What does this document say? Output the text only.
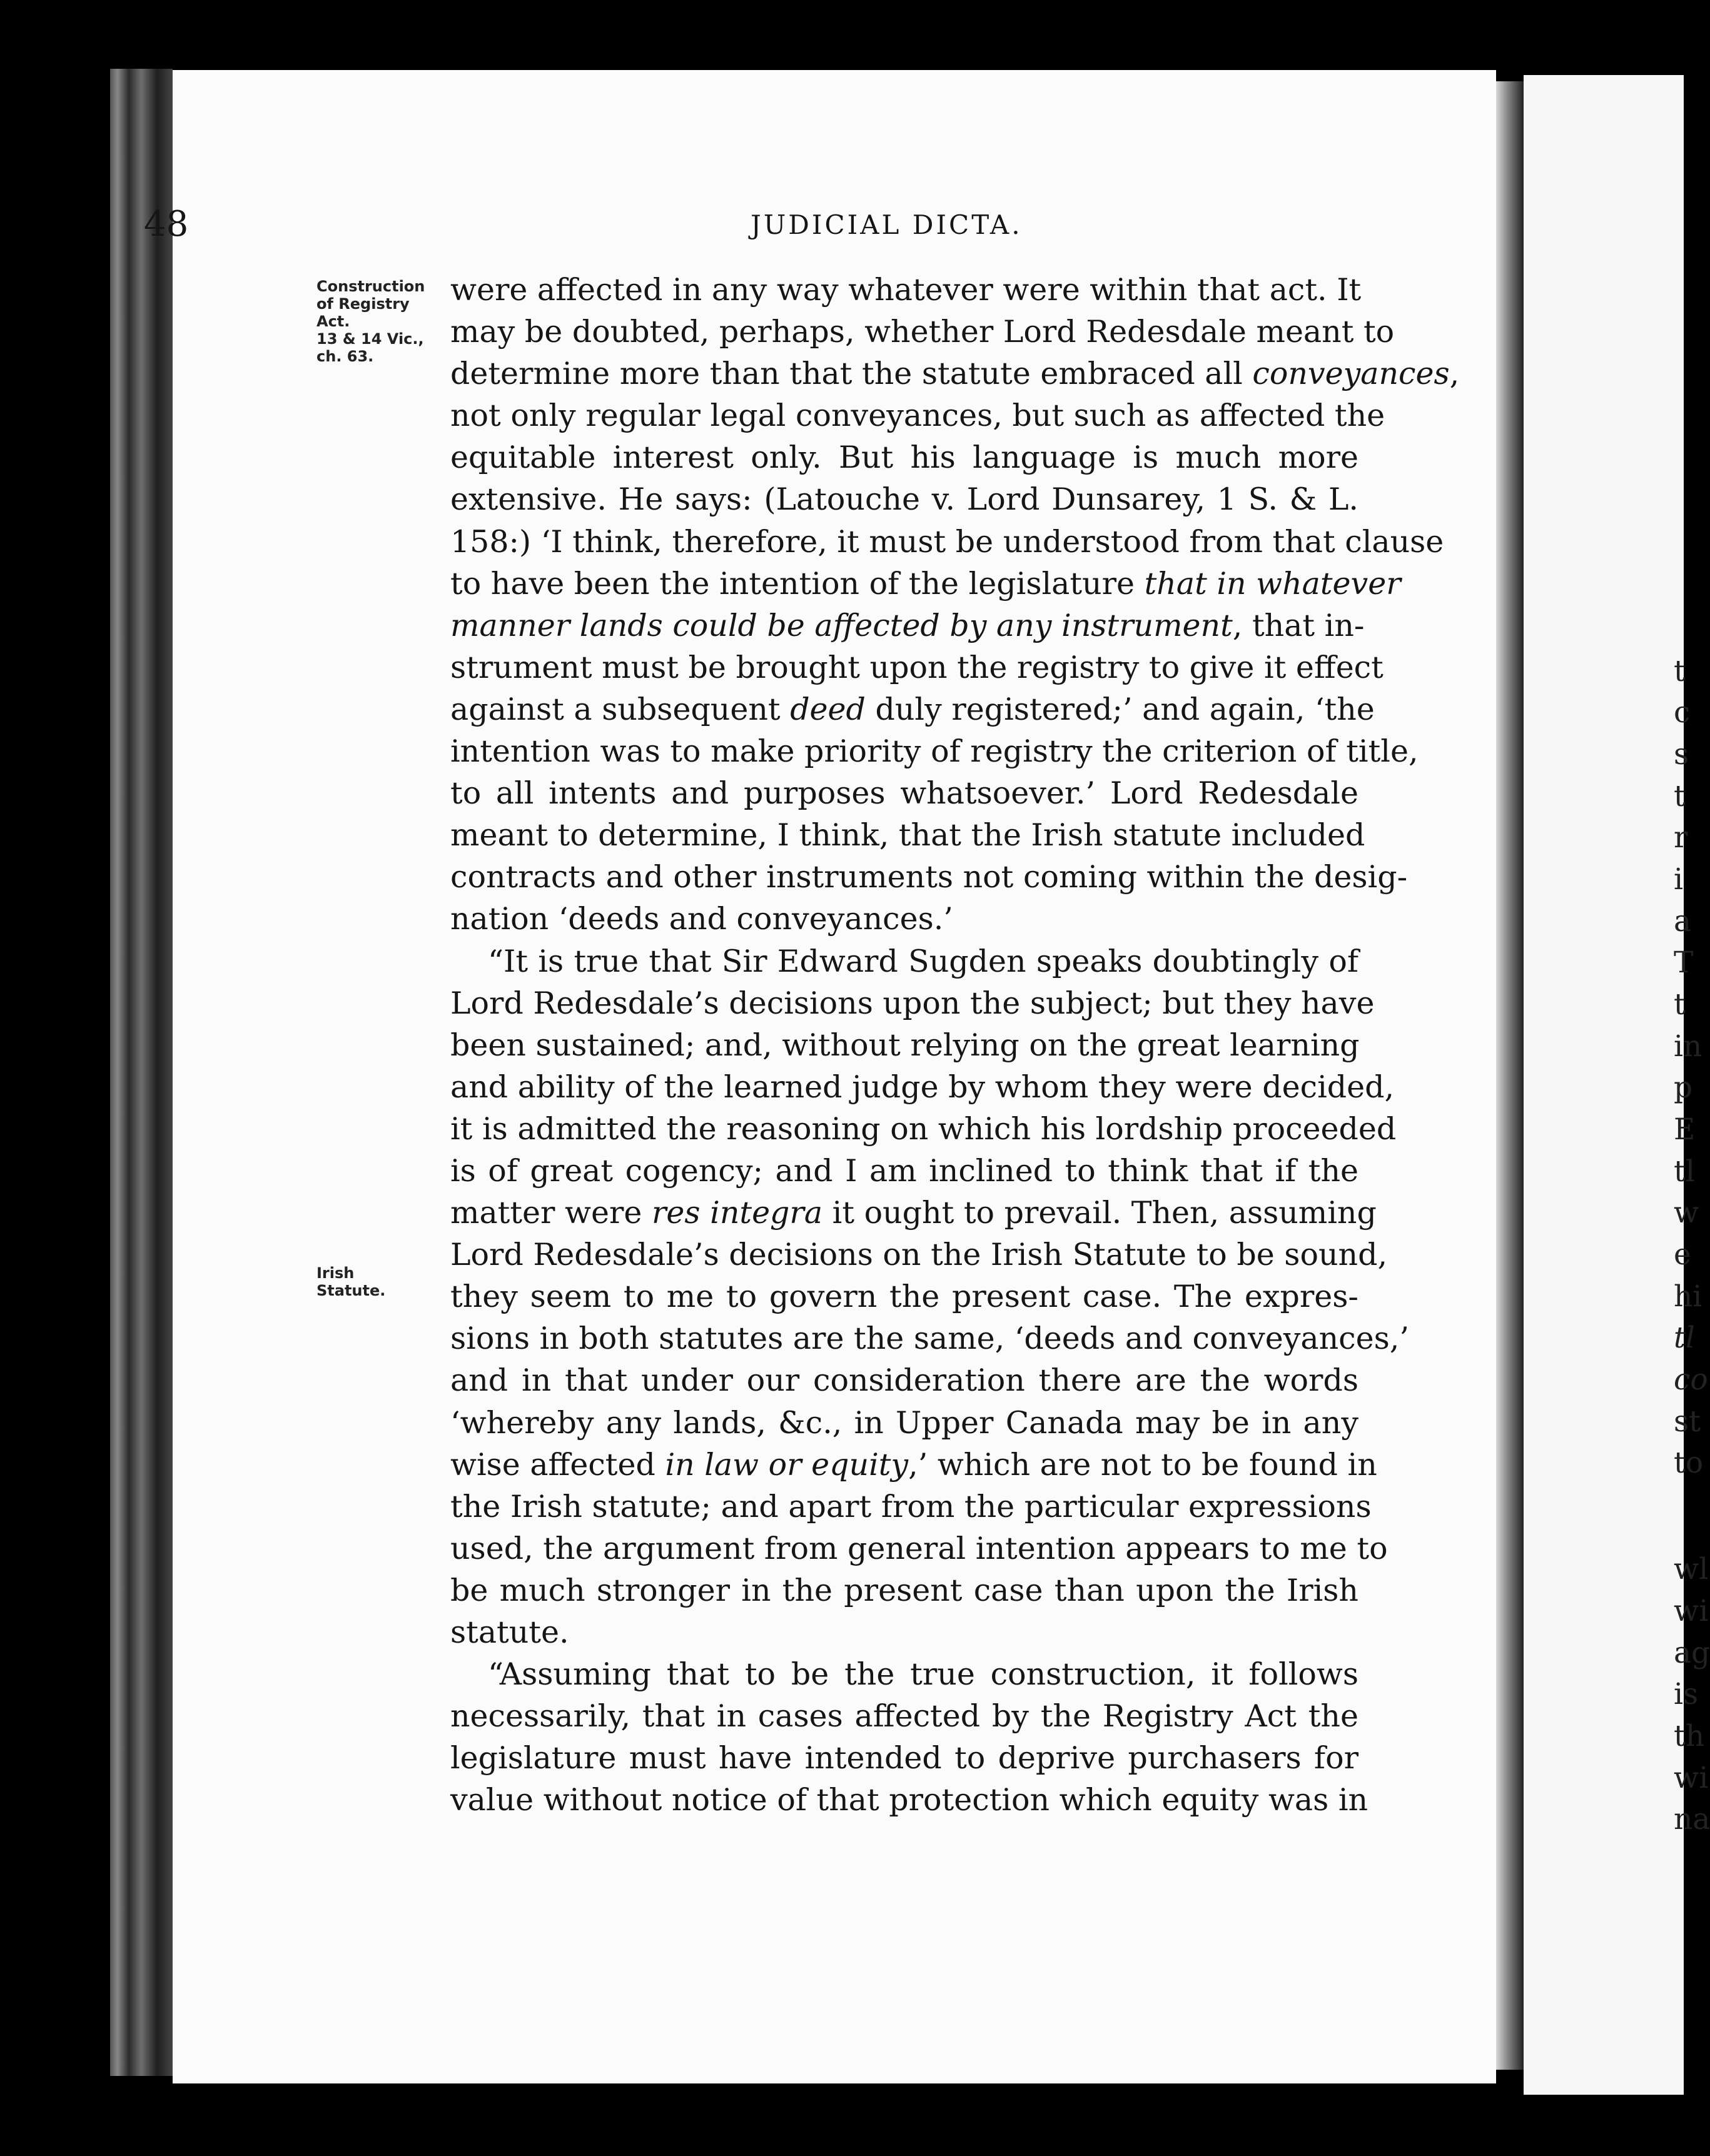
48	JUDICIAL DICTA.
Construction
of Registry
Act.
13 & 14 Vic.,
ch. 63.
Irish
Statute.
were affected in any way whatever were within that act. It
may be doubted, perhaps, whether Lord Redesdale meant to
determine more than that the statute embraced all conveyances,
not only regular legal conveyances, but such as affected the
equitable interest only. But his language is much more
extensive. He says: (Latouche v. Lord Dunsarey, 1 S. & L.
158:) ‘I think, therefore, it must be understood from that clause
to have been the intention of the legislature that in whatever
manner lands could be affected by any instrument, that in-
strument must be brought upon the registry to give it effect
against a subsequent deed duly registered;’ and again, ‘the
intention was to make priority of registry the criterion of title,
to all intents and purposes whatsoever.’ Lord Redesdale
meant to determine, I think, that the Irish statute included
contracts and other instruments not coming within the desig-
nation ‘deeds and conveyances.’
“It is true that Sir Edward Sugden speaks doubtingly of
Lord Redesdale’s decisions upon the subject; but they have
been sustained; and, without relying on the great learning
and ability of the learned judge by whom they were decided,
it is admitted the reasoning on which his lordship proceeded
is of great cogency; and I am inclined to think that if the
matter were res integra it ought to prevail. Then, assuming
Lord Redesdale’s decisions on the Irish Statute to be sound,
they seem to me to govern the present case. The expres-
sions in both statutes are the same, ‘deeds and conveyances,’
and in that under our consideration there are the words
‘whereby any lands, &c., in Upper Canada may be in any
wise affected in law or equity,’ which are not to be found in
the Irish statute; and apart from the particular expressions
used, the argument from general intention appears to me to
be much stronger in the present case than upon the Irish
statute.
“Assuming that to be the true construction, it follows
necessarily, that in cases affected by the Registry Act the
legislature must have intended to deprive purchasers for
value without notice of that protection which equity was in
t
c
s
t
r
i
a
T
t
in
p
E
tl
w
e
hi
tl
co
st
to
wl
wi
ag
is
th
wi
na
